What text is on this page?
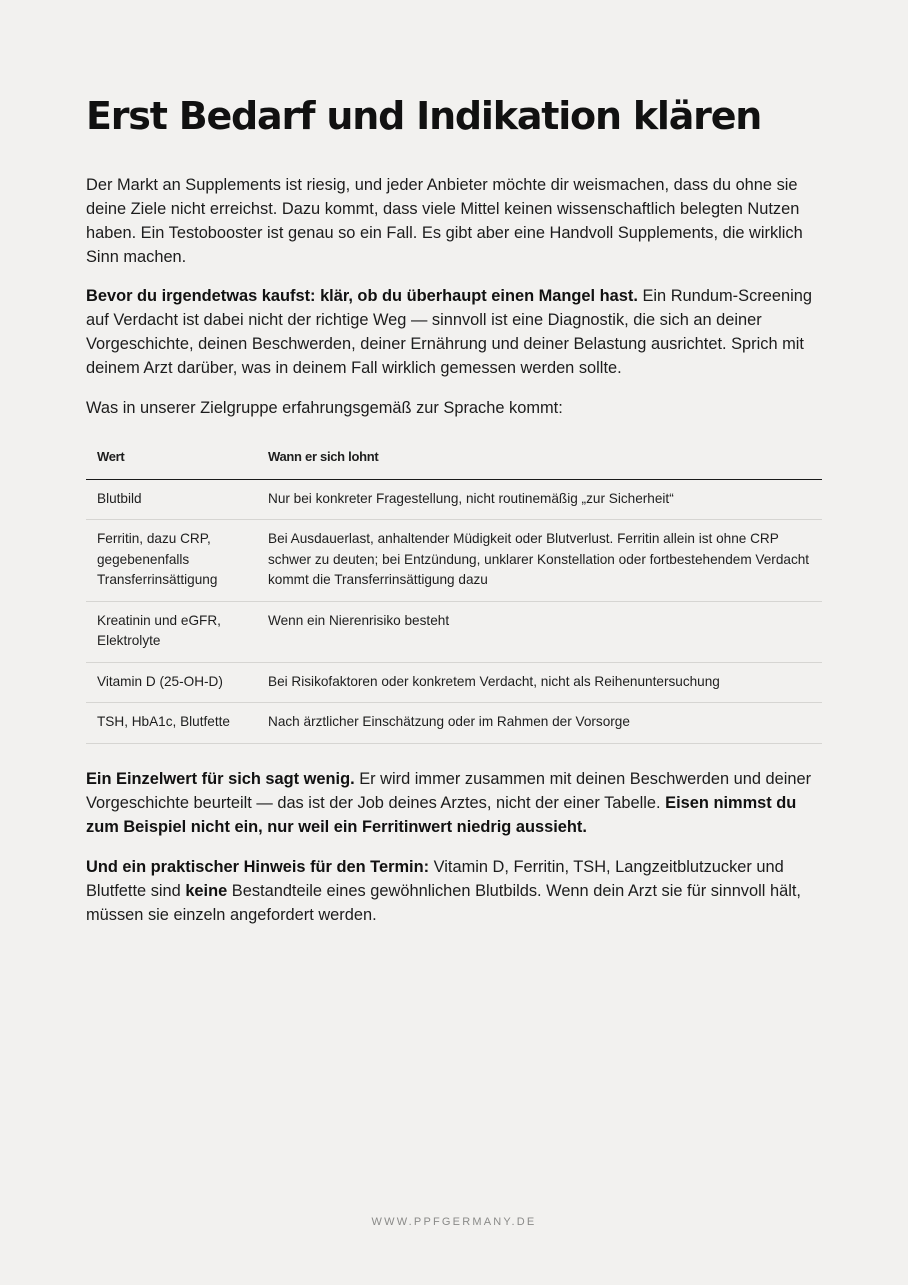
Erst Bedarf und Indikation klären

Der Markt an Supplements ist riesig, und jeder Anbieter möchte dir weismachen, dass du ohne sie deine Ziele nicht erreichst. Dazu kommt, dass viele Mittel keinen wissenschaftlich belegten Nutzen haben. Ein Testobooster ist genau so ein Fall. Es gibt aber eine Handvoll Supplements, die wirklich Sinn machen.

Bevor du irgendetwas kaufst: klär, ob du überhaupt einen Mangel hast. Ein Rundum-Screening auf Verdacht ist dabei nicht der richtige Weg — sinnvoll ist eine Diagnostik, die sich an deiner Vorgeschichte, deinen Beschwerden, deiner Ernährung und deiner Belastung ausrichtet. Sprich mit deinem Arzt darüber, was in deinem Fall wirklich gemessen werden sollte.

Was in unserer Zielgruppe erfahrungsgemäß zur Sprache kommt:

Wert	Wann er sich lohnt
Blutbild	Nur bei konkreter Fragestellung, nicht routinemäßig „zur Sicherheit“
Ferritin, dazu CRP, gegebenenfalls Transferrinsättigung	Bei Ausdauerlast, anhaltender Müdigkeit oder Blutverlust. Ferritin allein ist ohne CRP schwer zu deuten; bei Entzündung, unklarer Konstellation oder fortbestehendem Verdacht kommt die Transferrinsättigung dazu
Kreatinin und eGFR, Elektrolyte	Wenn ein Nierenrisiko besteht
Vitamin D (25-OH-D)	Bei Risikofaktoren oder konkretem Verdacht, nicht als Reihenuntersuchung
TSH, HbA1c, Blutfette	Nach ärztlicher Einschätzung oder im Rahmen der Vorsorge

Ein Einzelwert für sich sagt wenig. Er wird immer zusammen mit deinen Beschwerden und deiner Vorgeschichte beurteilt — das ist der Job deines Arztes, nicht der einer Tabelle. Eisen nimmst du zum Beispiel nicht ein, nur weil ein Ferritinwert niedrig aussieht.

Und ein praktischer Hinweis für den Termin: Vitamin D, Ferritin, TSH, Langzeitblutzucker und Blutfette sind keine Bestandteile eines gewöhnlichen Blutbilds. Wenn dein Arzt sie für sinnvoll hält, müssen sie einzeln angefordert werden.

WWW.PPFGERMANY.DE
